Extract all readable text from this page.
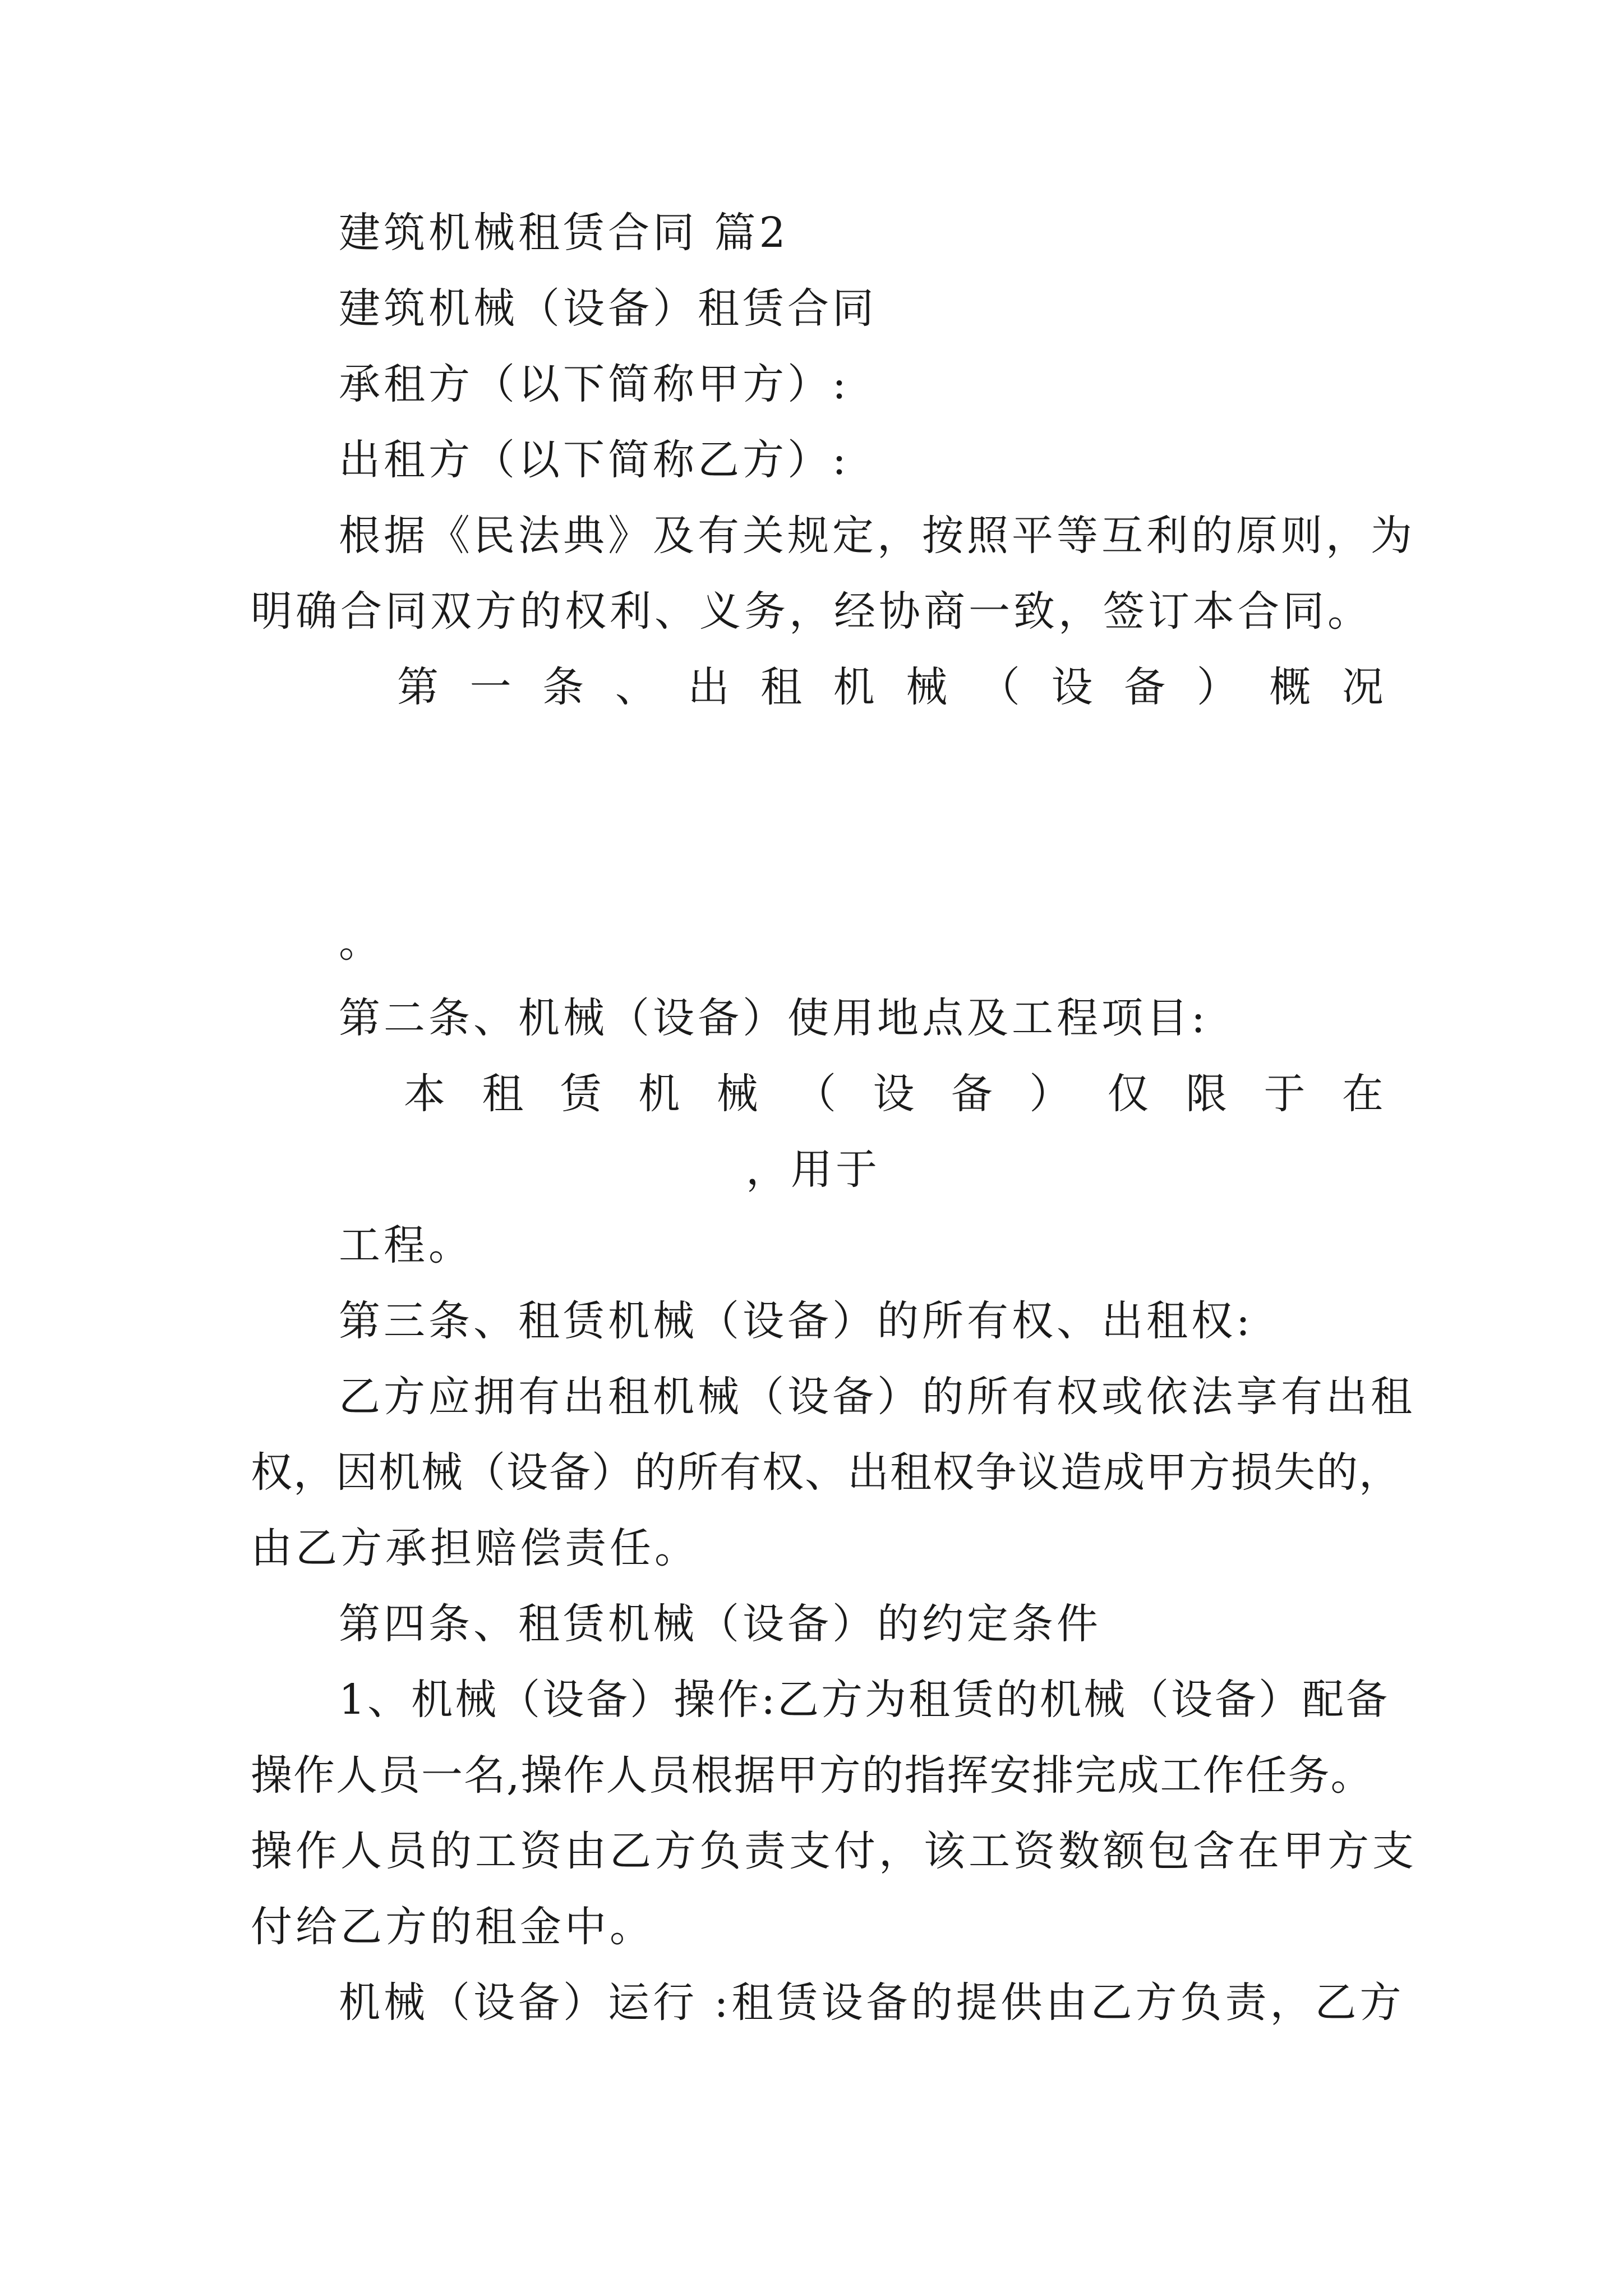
建筑机械租赁合同 篇2
建筑机械（设备）租赁合同
承租方（以下简称甲方）:
出租方（以下简称乙方）:
根据《民法典》及有关规定，按照平等互利的原则，为
明确合同双方的权利、义务，经协商一致，签订本合同。
第 一 条 、 出 租 机 械 （ 设 备 ） 概 况
。
第二条、机械（设备）使用地点及工程项目:
本 租 赁 机 械 （ 设 备 ） 仅 限 于 在
，用于
工程。
第三条、租赁机械（设备）的所有权、出租权:
乙方应拥有出租机械（设备）的所有权或依法享有出租
权，因机械（设备）的所有权、出租权争议造成甲方损失的，
由乙方承担赔偿责任。
第四条、租赁机械（设备）的约定条件
1、机械（设备）操作:乙方为租赁的机械（设备）配备
操作人员一名,操作人员根据甲方的指挥安排完成工作任务。
操作人员的工资由乙方负责支付，该工资数额包含在甲方支
付给乙方的租金中。
机械（设备）运行 :租赁设备的提供由乙方负责，乙方
